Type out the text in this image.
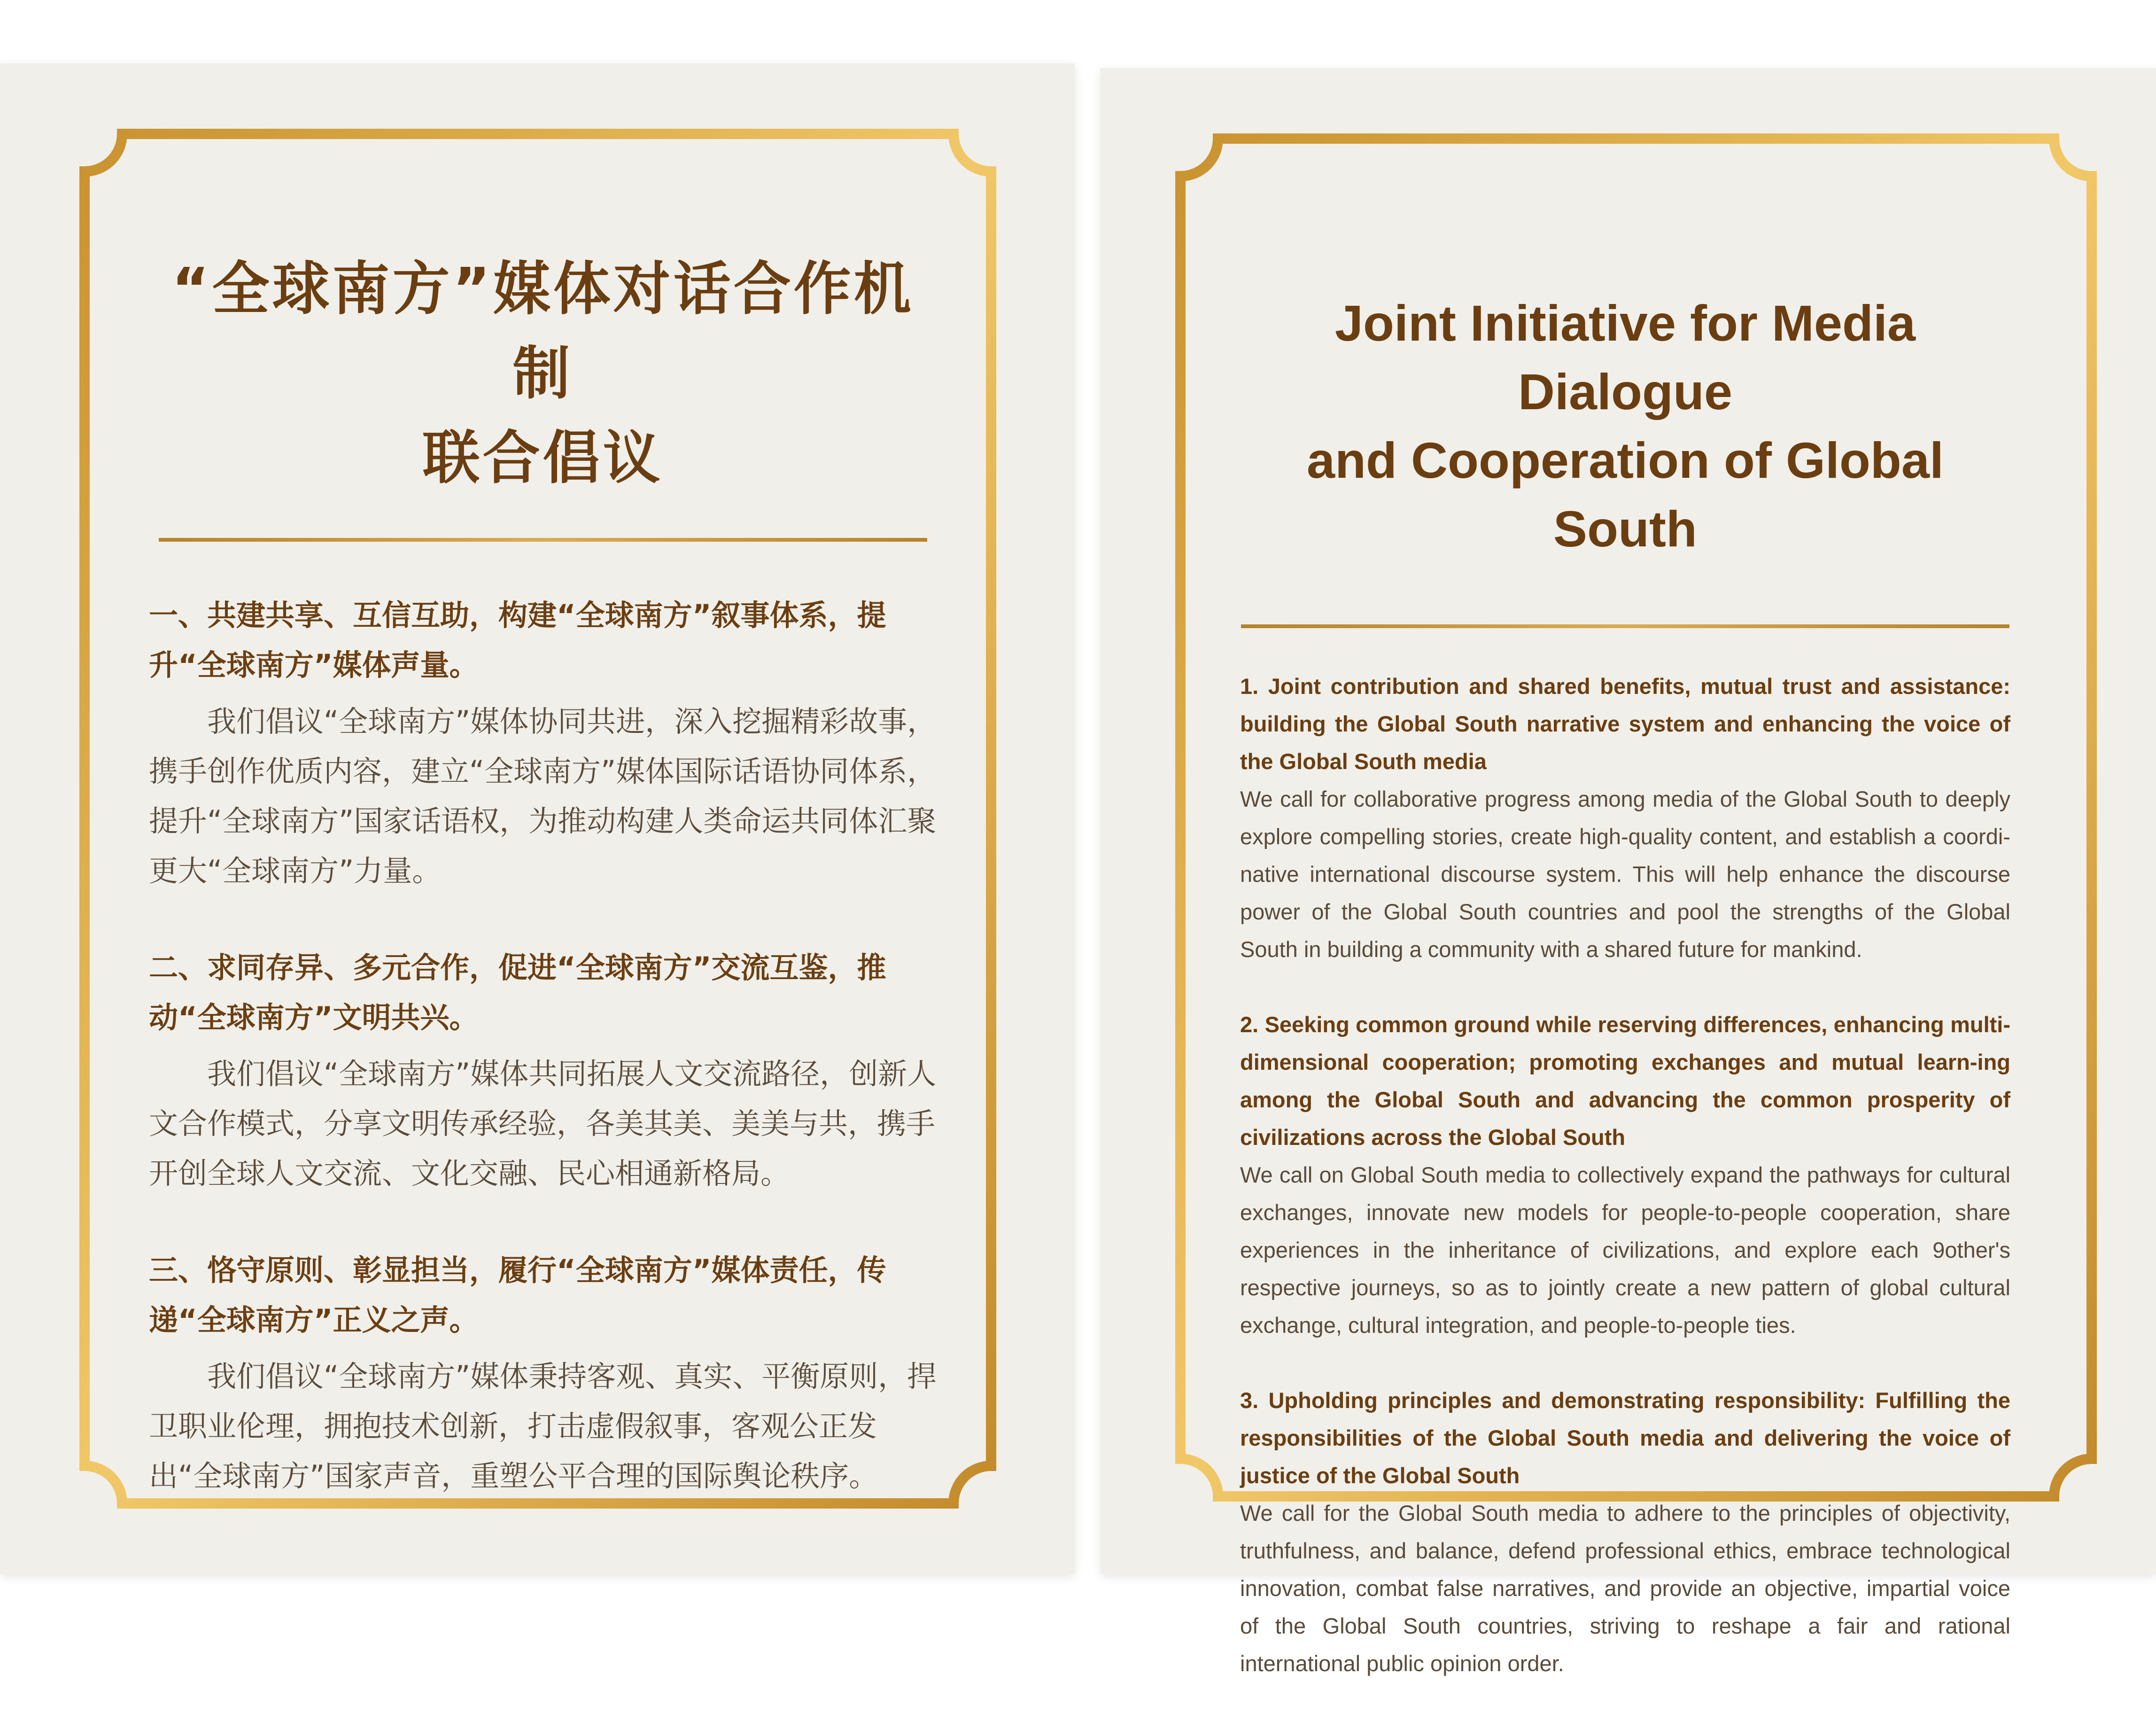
“全球南方”媒体对话合作机制
联合倡议

一、共建共享、互信互助，构建“全球南方”叙事体系，提升“全球南方”媒体声量。

我们倡议“全球南方”媒体协同共进，深入挖掘精彩故事，携手创作优质内容，建立“全球南方”媒体国际话语协同体系，提升“全球南方”国家话语权，为推动构建人类命运共同体汇聚更大“全球南方”力量。

二、求同存异、多元合作，促进“全球南方”交流互鉴，推动“全球南方”文明共兴。

我们倡议“全球南方”媒体共同拓展人文交流路径，创新人文合作模式，分享文明传承经验，各美其美、美美与共，携手开创全球人文交流、文化交融、民心相通新格局。

三、恪守原则、彰显担当，履行“全球南方”媒体责任，传递“全球南方”正义之声。

我们倡议“全球南方”媒体秉持客观、真实、平衡原则，捍卫职业伦理，拥抱技术创新，打击虚假叙事，客观公正发出“全球南方”国家声音，重塑公平合理的国际舆论秩序。

Joint Initiative for Media Dialogue
and Cooperation of Global South

1. Joint contribution and shared benefits, mutual trust and assistance: building the Global South narrative system and enhancing the voice of the Global South media

We call for collaborative progress among media of the Global South to deeply explore compelling stories, create high-quality content, and establish a coordi-native international discourse system. This will help enhance the discourse power of the Global South countries and pool the strengths of the Global South in building a community with a shared future for mankind.

2. Seeking common ground while reserving differences, enhancing multi-dimensional cooperation; promoting exchanges and mutual learn-ing among the Global South and advancing the common prosperity of civilizations across the Global South

We call on Global South media to collectively expand the pathways for cultural exchanges, innovate new models for people-to-people cooperation, share experiences in the inheritance of civilizations, and explore each 9other's respective journeys, so as to jointly create a new pattern of global cultural exchange, cultural integration, and people-to-people ties.

3. Upholding principles and demonstrating responsibility: Fulfilling the responsibilities of the Global South media and delivering the voice of justice of the Global South

We call for the Global South media to adhere to the principles of objectivity, truthfulness, and balance, defend professional ethics, embrace technological innovation, combat false narratives, and provide an objective, impartial voice of the Global South countries, striving to reshape a fair and rational international public opinion order.
